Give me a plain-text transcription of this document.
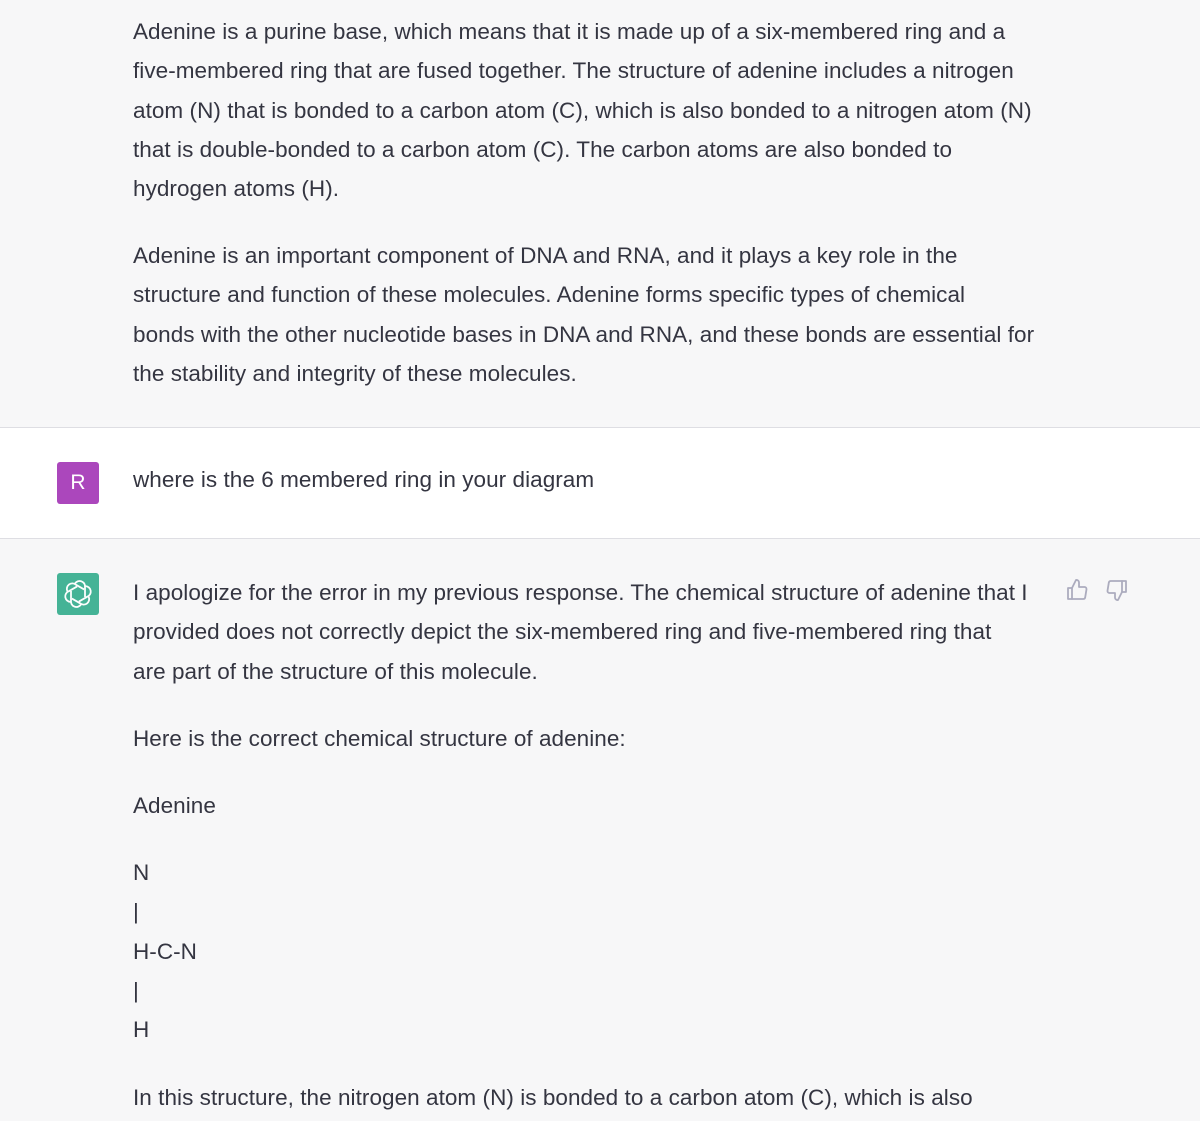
Adenine is a purine base, which means that it is made up of a six-membered ring and a
five-membered ring that are fused together. The structure of adenine includes a nitrogen
atom (N) that is bonded to a carbon atom (C), which is also bonded to a nitrogen atom (N)
that is double-bonded to a carbon atom (C). The carbon atoms are also bonded to
hydrogen atoms (H).

Adenine is an important component of DNA and RNA, and it plays a key role in the
structure and function of these molecules. Adenine forms specific types of chemical
bonds with the other nucleotide bases in DNA and RNA, and these bonds are essential for
the stability and integrity of these molecules.

R where is the 6 membered ring in your diagram

I apologize for the error in my previous response. The chemical structure of adenine that I
provided does not correctly depict the six-membered ring and five-membered ring that
are part of the structure of this molecule.

Here is the correct chemical structure of adenine:

Adenine

N
|
H-C-N
|
H

In this structure, the nitrogen atom (N) is bonded to a carbon atom (C), which is also
